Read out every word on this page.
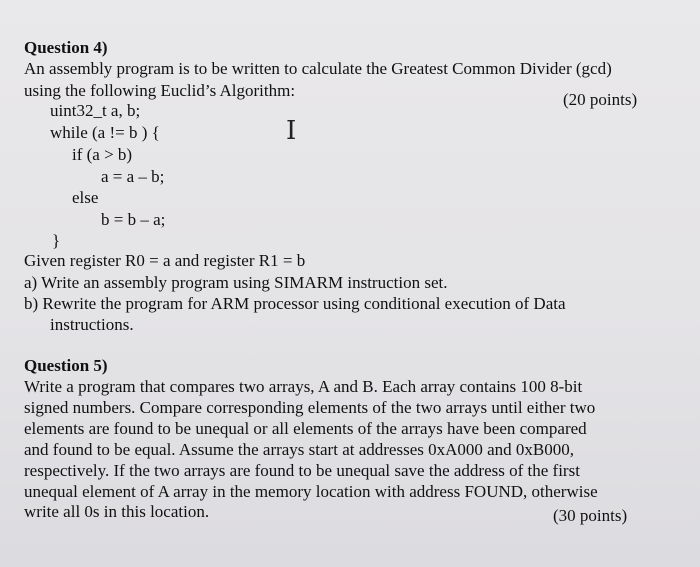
Question 4)
An assembly program is to be written to calculate the Greatest Common Divider (gcd)
using the following Euclid’s Algorithm:	(20 points)
uint32_t a, b;
while (a != b ) {
if (a > b)
a = a – b;
else
b = b – a;
}
I
Given register R0 = a and register R1 = b
a) Write an assembly program using SIMARM instruction set.
b) Rewrite the program for ARM processor using conditional execution of Data
instructions.
Question 5)
Write a program that compares two arrays, A and B. Each array contains 100 8-bit
signed numbers. Compare corresponding elements of the two arrays until either two
elements are found to be unequal or all elements of the arrays have been compared
and found to be equal. Assume the arrays start at addresses 0xA000 and 0xB000,
respectively. If the two arrays are found to be unequal save the address of the first
unequal element of A array in the memory location with address FOUND, otherwise
write all 0s in this location.	(30 points)
